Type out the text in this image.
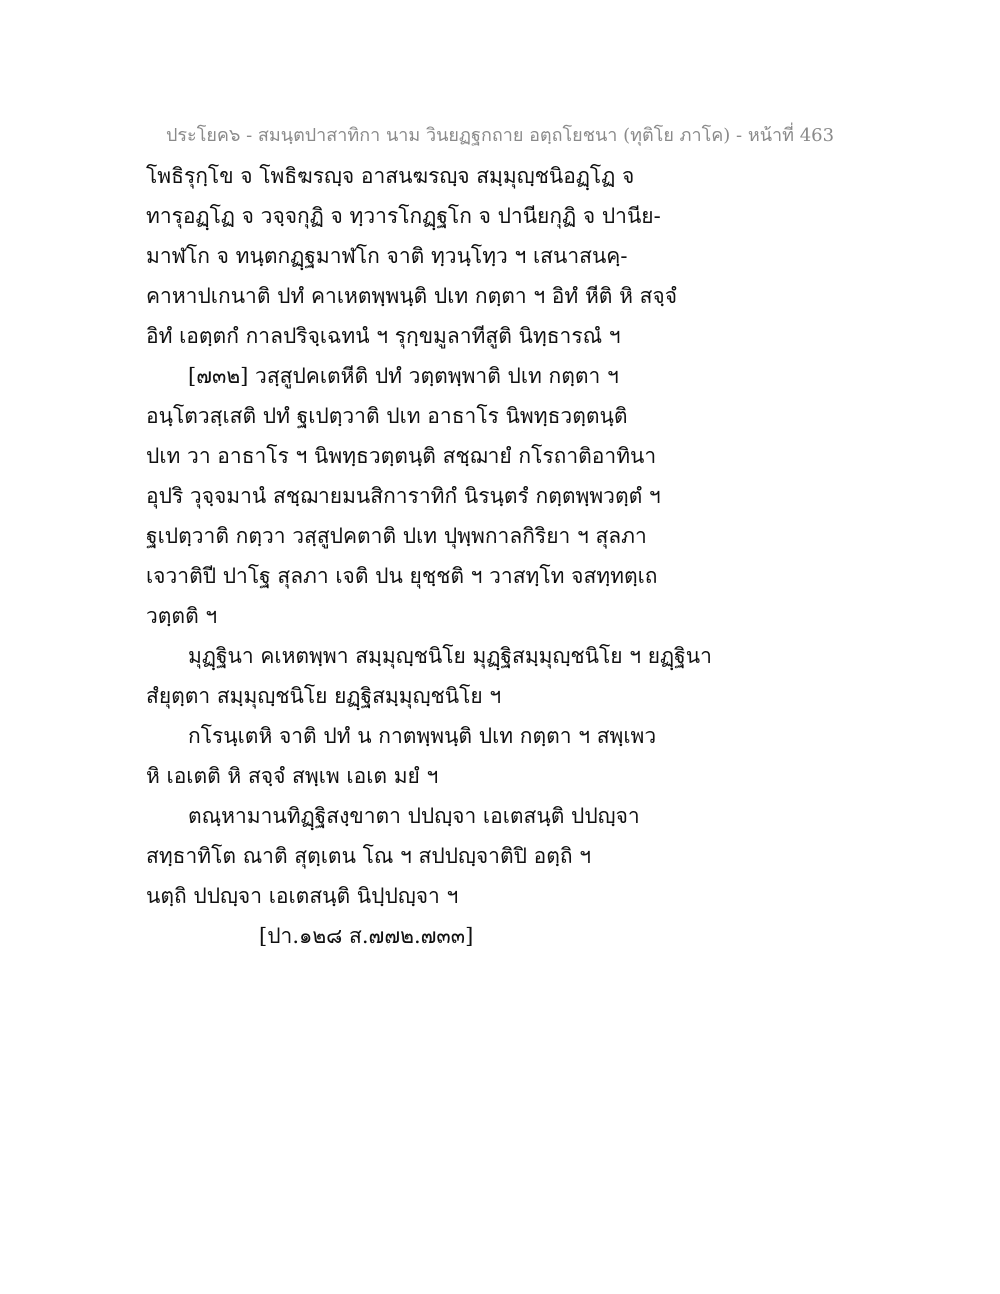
ประโยค๖ - สมนฺตปาสาทิกา นาม วินยฏฐกถาย อตฺถโยชนา (ทุติโย ภาโค) - หน้าที่ 463
โพธิรุกฺโข จ โพธิฆรญฺจ อาสนฆรญฺจ สมฺมุญฺชนิอฏฺโฏ จ
ทารุอฏฺโฏ จ วจฺจกุฏิ จ ทฺวารโกฏฺฐโก จ ปานียกุฏิ จ ปานีย-
มาฬโก จ ทนฺตกฏฺฐมาฬโก จาติ ทฺวนฺโทฺว ฯ เสนาสนคฺ-
คาหาปเกนาติ ปทํ คาเหตพฺพนฺติ ปเท กตฺตา ฯ อิทํ หีติ หิ สจฺจํ
อิทํ เอตฺตกํ กาลปริจฺเฉทนํ ฯ รุกฺขมูลาทีสูติ นิทฺธารณํ ฯ
[๗๓๒] วสฺสูปคเตหีติ ปทํ วตฺตพฺพาติ ปเท กตฺตา ฯ
อนฺโตวสฺเสติ ปทํ ฐเปตฺวาติ ปเท อาธาโร นิพทฺธวตฺตนฺติ
ปเท วา อาธาโร ฯ นิพทฺธวตฺตนฺติ สชฺฌายํ กโรถาติอาทินา
อุปริ วุจฺจมานํ สชฺฌายมนสิการาทิกํ นิรนฺตรํ กตฺตพฺพวตฺตํ ฯ
ฐเปตฺวาติ กตฺวา วสฺสูปคตาติ ปเท ปุพฺพกาลกิริยา ฯ สุลภา
เจวาติปี ปาโฐ สุลภา เจติ ปน ยุชฺชติ ฯ วาสทฺโท จสทฺทตฺเถ
วตฺตติ ฯ
มุฏฺฐินา คเหตพฺพา สมฺมุญฺชนิโย มุฏฺฐิสมฺมุญฺชนิโย ฯ ยฏฺฐินา
สํยุตฺตา สมฺมุญฺชนิโย ยฏฺฐิสมฺมุญฺชนิโย ฯ
กโรนฺเตหิ จาติ ปทํ น กาตพฺพนฺติ ปเท กตฺตา ฯ สพฺเพว
หิ เอเตติ หิ สจฺจํ สพฺเพ เอเต มยํ ฯ
ตณฺหามานทิฏฺฐิสงฺขาตา ปปญฺจา เอเตสนฺติ ปปญฺจา
สทฺธาทิโต ณาติ สุตฺเตน โณ ฯ สปปญฺจาติปิ อตฺถิ ฯ
นตฺถิ ปปญฺจา เอเตสนฺติ นิปฺปญฺจา ฯ
[ปา.๑๒๘ ส.๗๗๒.๗๓๓]
